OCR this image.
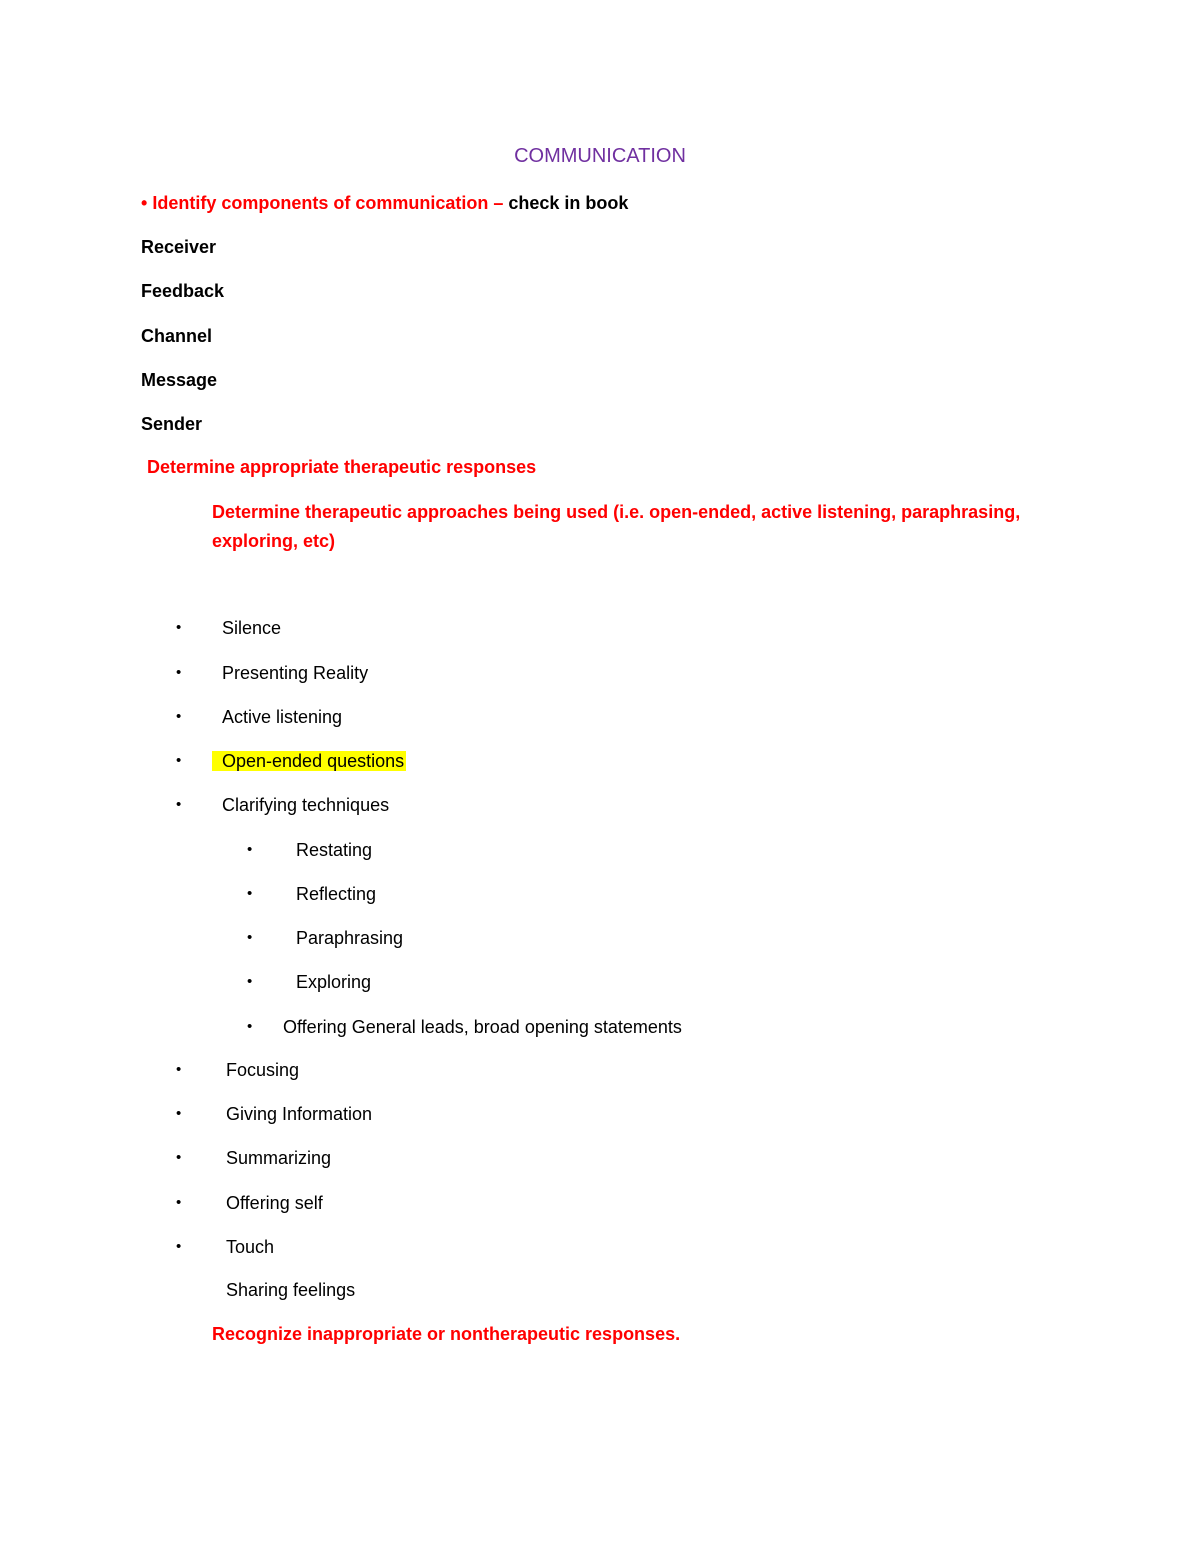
COMMUNICATION
• Identify components of communication – check in book
Receiver
Feedback
Channel
Message
Sender
Determine appropriate therapeutic responses
Determine therapeutic approaches being used (i.e. open-ended, active listening, paraphrasing,
exploring, etc)
• Silence
• Presenting Reality
• Active listening
• Open-ended questions
• Clarifying techniques
• Restating
• Reflecting
• Paraphrasing
• Exploring
• Offering General leads, broad opening statements
• Focusing
• Giving Information
• Summarizing
• Offering self
• Touch
Sharing feelings
Recognize inappropriate or nontherapeutic responses.
